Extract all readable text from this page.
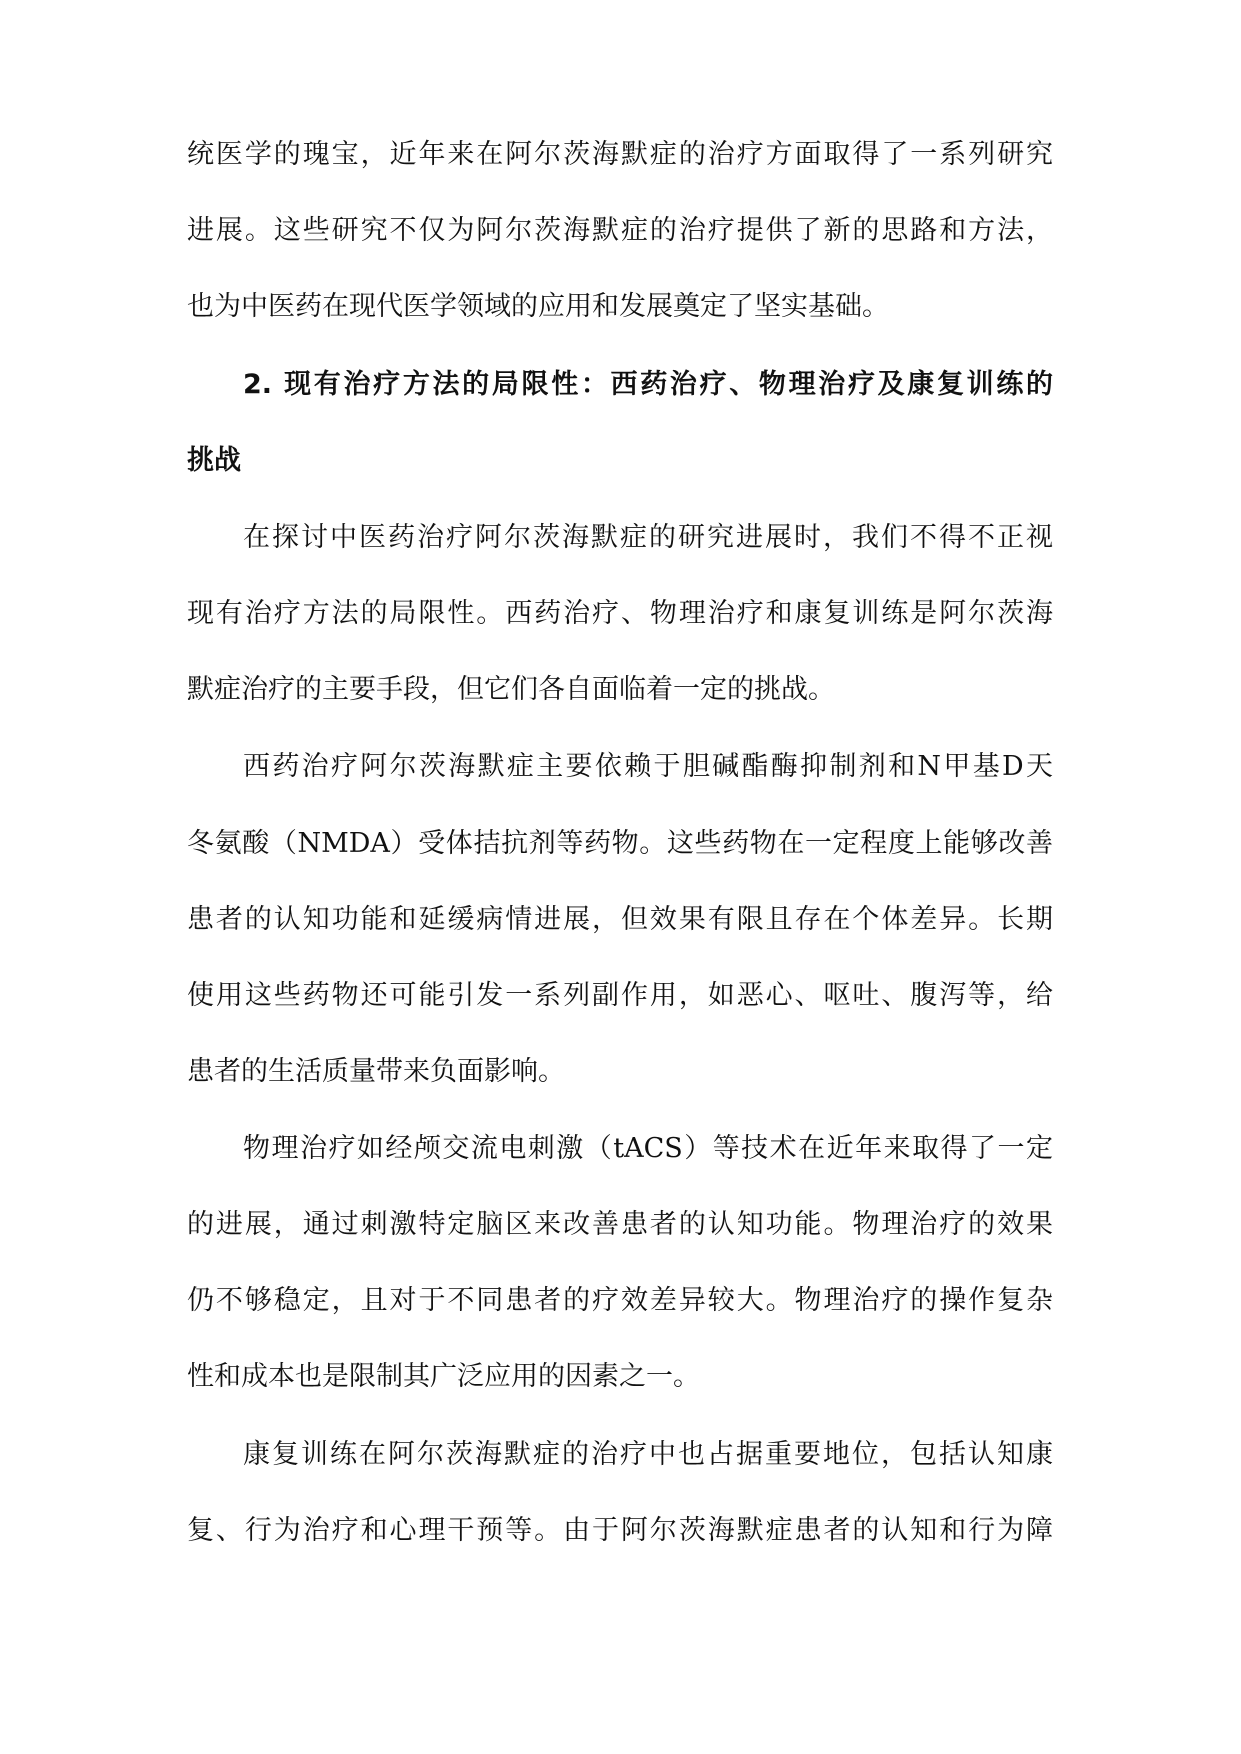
统医学的瑰宝，近年来在阿尔茨海默症的治疗方面取得了一系列研究
进展。这些研究不仅为阿尔茨海默症的治疗提供了新的思路和方法，
也为中医药在现代医学领域的应用和发展奠定了坚实基础。
2. 现有治疗方法的局限性：西药治疗、物理治疗及康复训练的
挑战
在探讨中医药治疗阿尔茨海默症的研究进展时，我们不得不正视
现有治疗方法的局限性。西药治疗、物理治疗和康复训练是阿尔茨海
默症治疗的主要手段，但它们各自面临着一定的挑战。
西药治疗阿尔茨海默症主要依赖于胆碱酯酶抑制剂和N甲基D天
冬氨酸（NMDA）受体拮抗剂等药物。这些药物在一定程度上能够改善
患者的认知功能和延缓病情进展，但效果有限且存在个体差异。长期
使用这些药物还可能引发一系列副作用，如恶心、呕吐、腹泻等，给
患者的生活质量带来负面影响。
物理治疗如经颅交流电刺激（tACS）等技术在近年来取得了一定
的进展，通过刺激特定脑区来改善患者的认知功能。物理治疗的效果
仍不够稳定，且对于不同患者的疗效差异较大。物理治疗的操作复杂
性和成本也是限制其广泛应用的因素之一。
康复训练在阿尔茨海默症的治疗中也占据重要地位，包括认知康
复、行为治疗和心理干预等。由于阿尔茨海默症患者的认知和行为障
